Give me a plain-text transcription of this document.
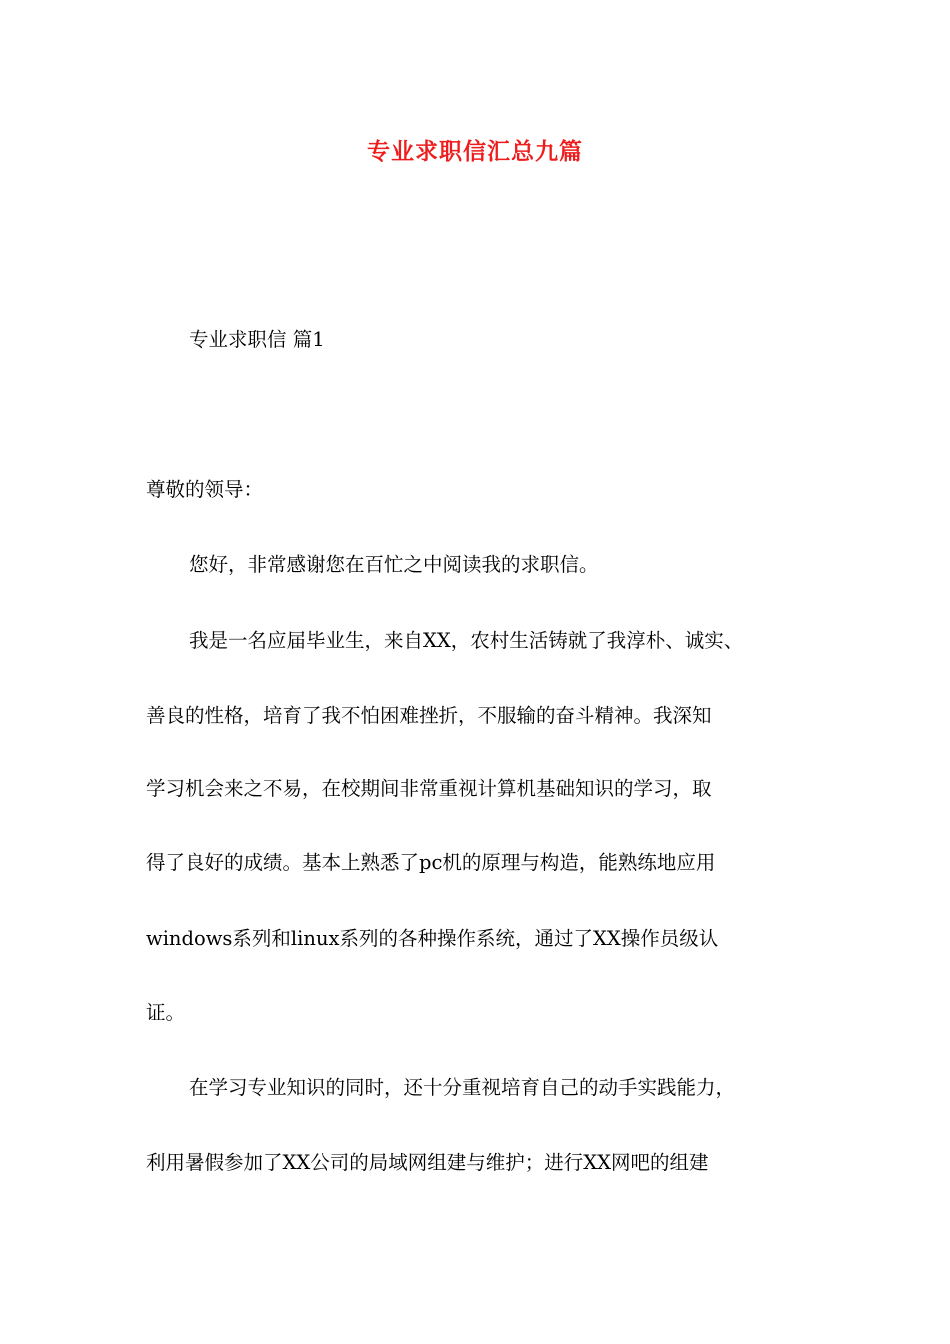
专业求职信汇总九篇
专业求职信 篇1
尊敬的领导：
您好，非常感谢您在百忙之中阅读我的求职信。
我是一名应届毕业生，来自XX，农村生活铸就了我淳朴、诚实、
善良的性格，培育了我不怕困难挫折，不服输的奋斗精神。我深知
学习机会来之不易，在校期间非常重视计算机基础知识的学习，取
得了良好的成绩。基本上熟悉了pc机的原理与构造，能熟练地应用
windows系列和linux系列的各种操作系统，通过了XX操作员级认
证。
在学习专业知识的同时，还十分重视培育自己的动手实践能力，
利用暑假参加了XX公司的局域网组建与维护；进行XX网吧的组建
